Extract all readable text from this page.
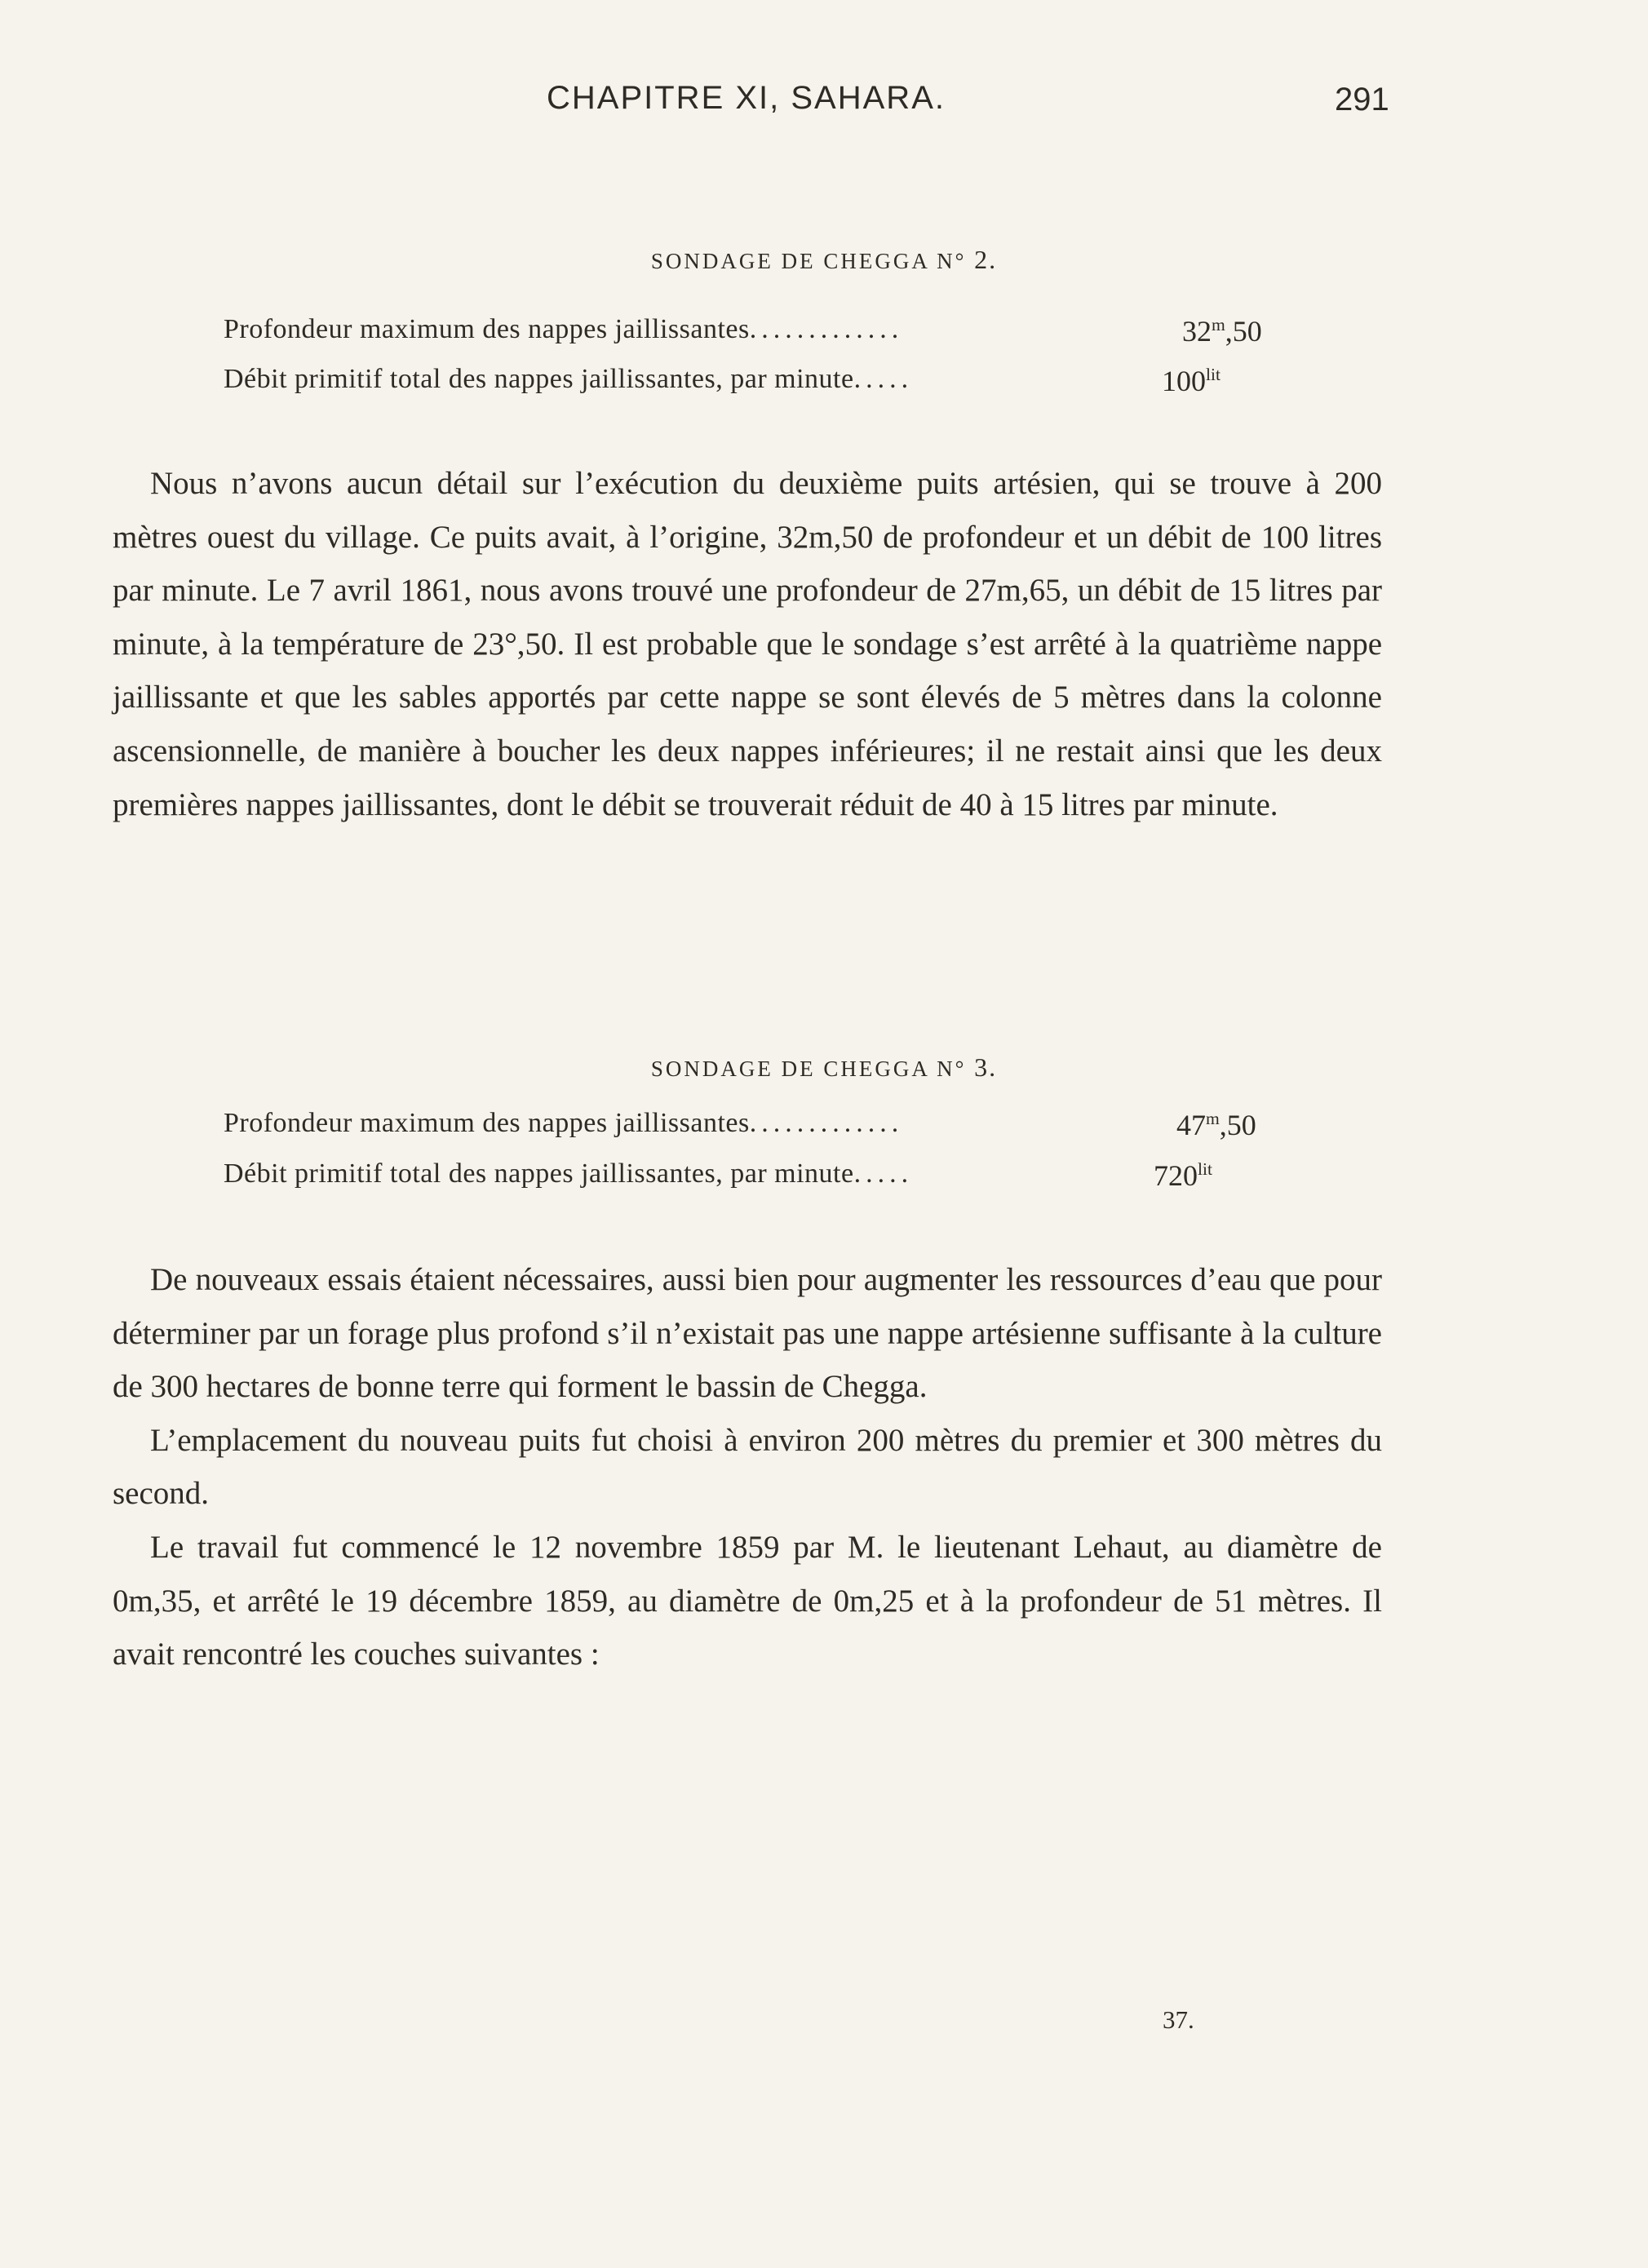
CHAPITRE XI, SAHARA.	291
SONDAGE DE CHEGGA N° 2.
Profondeur maximum des nappes jaillissantes.............	32$^m$,50
Débit primitif total des nappes jaillissantes, par minute.....	$100^{lit}$

Nous n’avons aucun détail sur l’exécution du deuxième puits artésien, qui se trouve à 200 mètres ouest du village. Ce puits avait, à l’origine, 32m,50 de profondeur et un débit de 100 litres par minute. Le 7 avril 1861, nous avons trouvé une profondeur de 27m,65, un débit de 15 litres par minute, à la température de 23°,50. Il est probable que le sondage s’est arrêté à la quatrième nappe jaillissante et que les sables apportés par cette nappe se sont élevés de 5 mètres dans la colonne ascensionnelle, de manière à boucher les deux nappes inférieures; il ne restait ainsi que les deux premières nappes jaillissantes, dont le débit se trouverait réduit de 40 à 15 litres par minute.

SONDAGE DE CHEGGA N° 3.
Profondeur maximum des nappes jaillissantes.............	47$^m$,50
Débit primitif total des nappes jaillissantes, par minute.....	$720^{lit}$

De nouveaux essais étaient nécessaires, aussi bien pour augmenter les ressources d’eau que pour déterminer par un forage plus profond s’il n’existait pas une nappe artésienne suffisante à la culture de 300 hectares de bonne terre qui forment le bassin de Chegga.

L’emplacement du nouveau puits fut choisi à environ 200 mètres du premier et 300 mètres du second.

Le travail fut commencé le 12 novembre 1859 par M. le lieutenant Lehaut, au diamètre de 0m,35, et arrêté le 19 décembre 1859, au diamètre de 0m,25 et à la profondeur de 51 mètres. Il avait rencontré les couches suivantes :

37.
